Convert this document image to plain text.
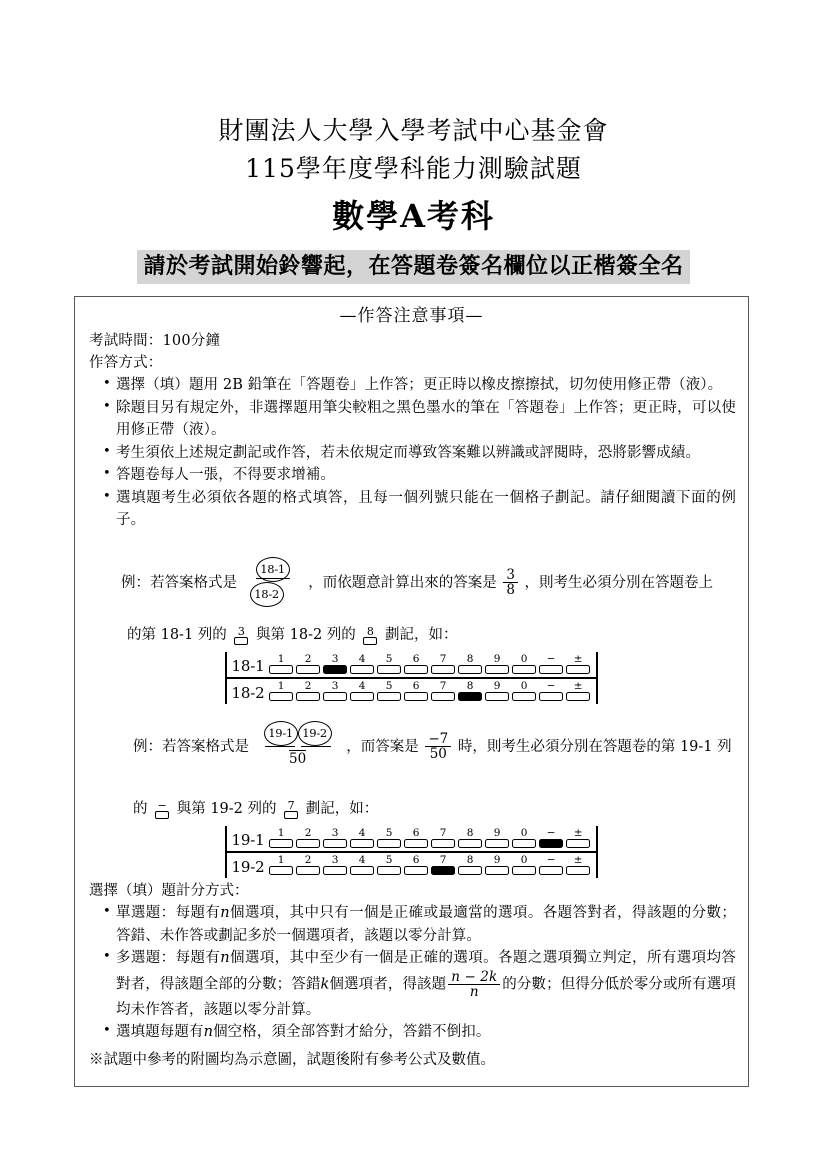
財團法人大學入學考試中心基金會
115學年度學科能力測驗試題
數學A考科
請於考試開始鈴響起，在答題卷簽名欄位以正楷簽全名
—作答注意事項—
考試時間：100分鐘
作答方式：
• 選擇（填）題用 2B 鉛筆在「答題卷」上作答；更正時以橡皮擦擦拭，切勿使用修正帶（液）。
• 除題目另有規定外，非選擇題用筆尖較粗之黑色墨水的筆在「答題卷」上作答；更正時，可以使用修正帶（液）。
• 考生須依上述規定劃記或作答，若未依規定而導致答案難以辨識或評閱時，恐將影響成績。
• 答題卷每人一張，不得要求增補。
• 選填題考生必須依各題的格式填答，且每一個列號只能在一個格子劃記。請仔細閱讀下面的例子。
例：若答案格式是 $\frac{18-1}{18-2}$ ，而依題意計算出來的答案是 $\frac{3}{8}$ ，則考生必須分別在答題卷上
的第 18-1 列的	3 與第 18-2 列的	8 劃記，如：
18-1	1	2	3	4	5	6	7	8	9	0	−	±
18-2	1	2	3	4	5	6	7	8	9	0	−	±
例：若答案格式是 $\frac{19-1 19-2}{50}$ ，而答案是 $\frac{-7}{50}$ 時，則考生必須分別在答題卷的第 19-1 列
的 − 與第 19-2 列的	7 劃記，如：
19-1	1	2	3	4	5	6	7	8	9	0	−	±
19-2	1	2	3	4	5	6	7	8	9	0	−	±
選擇（填）題計分方式：
• 單選題：每題有n個選項，其中只有一個是正確或最適當的選項。各題答對者，得該題的分數；答錯、未作答或劃記多於一個選項者，該題以零分計算。
• 多選題：每題有n個選項，其中至少有一個是正確的選項。各題之選項獨立判定，所有選項均答對者，得該題全部的分數；答錯k個選項者，得該題 $\frac{n - 2k}{n}$ 的分數；但得分低於零分或所有選項均未作答者，該題以零分計算。
• 選填題每題有n個空格，須全部答對才給分，答錯不倒扣。
※試題中參考的附圖均為示意圖，試題後附有參考公式及數值。
